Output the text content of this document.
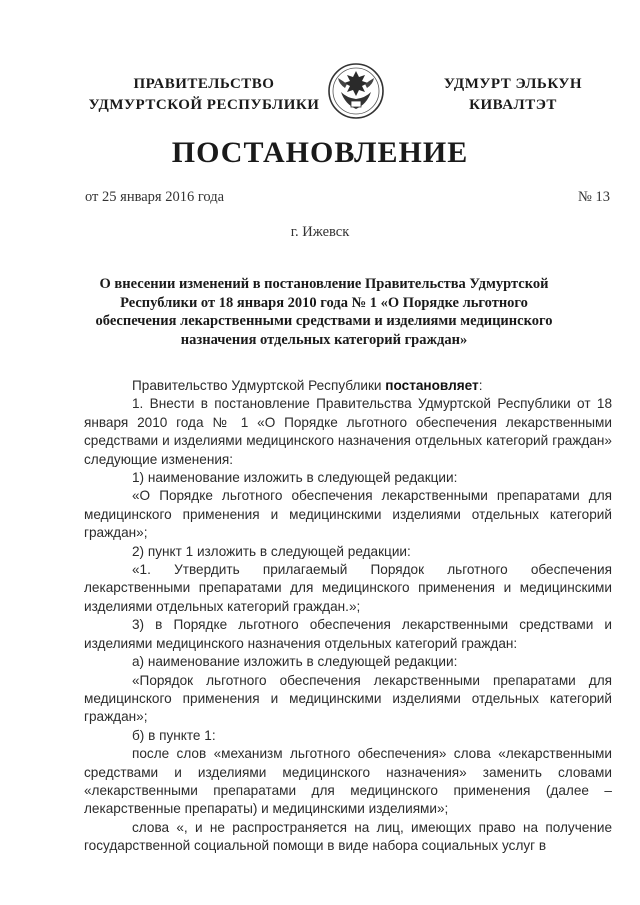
ПРАВИТЕЛЬСТВО
УДМУРТСКОЙ РЕСПУБЛИКИ
УДМУРТ ЭЛЬКУН
КИВАЛТЭТ
ПОСТАНОВЛЕНИЕ
от 25 января 2016 года	№ 13
г. Ижевск
О внесении изменений в постановление Правительства Удмуртской Республики от 18 января 2010 года № 1 «О Порядке льготного обеспечения лекарственными средствами и изделиями медицинского назначения отдельных категорий граждан»

Правительство Удмуртской Республики постановляет:

1. Внести в постановление Правительства Удмуртской Республики от 18 января 2010 года № 1 «О Порядке льготного обеспечения лекарственными средствами и изделиями медицинского назначения отдельных категорий граждан» следующие изменения:

1) наименование изложить в следующей редакции:

«О Порядке льготного обеспечения лекарственными препаратами для медицинского применения и медицинскими изделиями отдельных категорий граждан»;

2) пункт 1 изложить в следующей редакции:

«1. Утвердить прилагаемый Порядок льготного обеспечения лекарственными препаратами для медицинского применения и медицинскими изделиями отдельных категорий граждан.»;

3) в Порядке льготного обеспечения лекарственными средствами и изделиями медицинского назначения отдельных категорий граждан:

а) наименование изложить в следующей редакции:

«Порядок льготного обеспечения лекарственными препаратами для медицинского применения и медицинскими изделиями отдельных категорий граждан»;

б) в пункте 1:

после слов «механизм льготного обеспечения» слова «лекарственными средствами и изделиями медицинского назначения» заменить словами «лекарственными препаратами для медицинского применения (далее – лекарственные препараты) и медицинскими изделиями»;

слова «, и не распространяется на лиц, имеющих право на получение государственной социальной помощи в виде набора социальных услуг в
